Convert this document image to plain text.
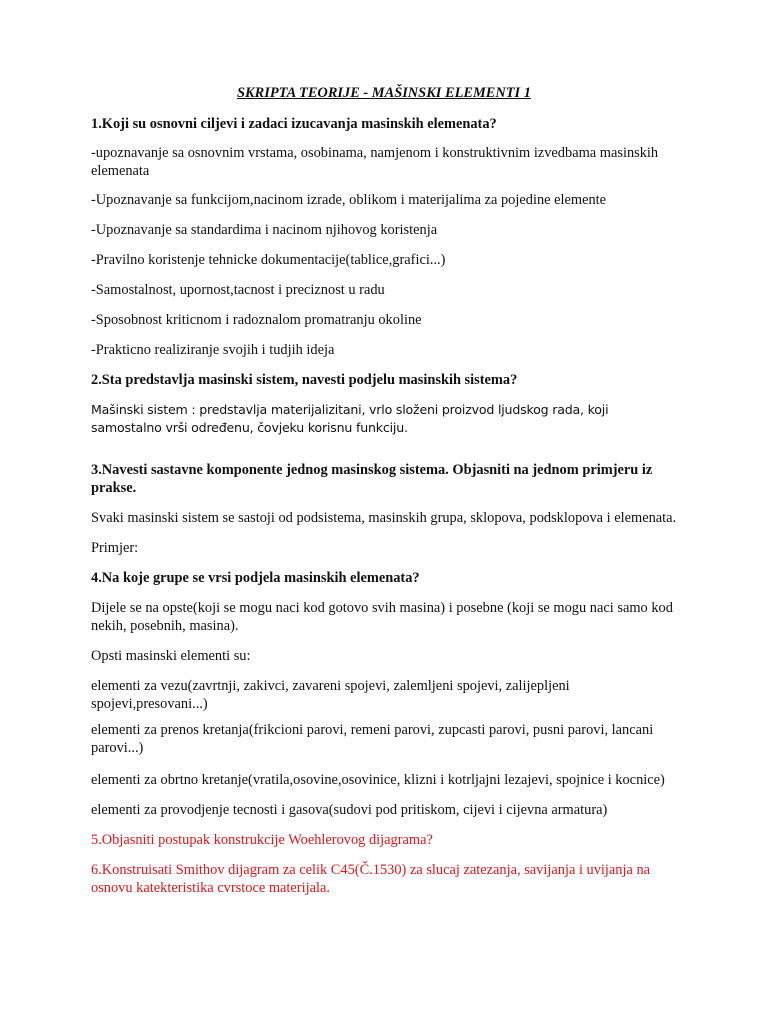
SKRIPTA TEORIJE - MAŠINSKI ELEMENTI 1
1.Koji su osnovni ciljevi i zadaci izucavanja masinskih elemenata?
-upoznavanje sa osnovnim vrstama, osobinama, namjenom i konstruktivnim izvedbama masinskih elemenata
-Upoznavanje sa funkcijom,nacinom izrade, oblikom i materijalima za pojedine elemente
-Upoznavanje sa standardima i nacinom njihovog koristenja
-Pravilno koristenje tehnicke dokumentacije(tablice,grafici...)
-Samostalnost, upornost,tacnost i preciznost u radu
-Sposobnost kriticnom i radoznalom promatranju okoline
-Prakticno realiziranje svojih i tudjih ideja
2.Sta predstavlja masinski sistem, navesti podjelu masinskih sistema?
Mašinski sistem : predstavlja materijalizitani, vrlo složeni proizvod ljudskog rada, koji samostalno vrši određenu, čovjeku korisnu funkciju.
3.Navesti sastavne komponente jednog masinskog sistema. Objasniti na jednom primjeru iz prakse.
Svaki masinski sistem se sastoji od podsistema, masinskih grupa, sklopova, podsklopova i elemenata.
Primjer:
4.Na koje grupe se vrsi podjela masinskih elemenata?
Dijele se na opste(koji se mogu naci kod gotovo svih masina) i posebne (koji se mogu naci samo kod nekih, posebnih, masina).
Opsti masinski elementi su:
elementi za vezu(zavrtnji, zakivci, zavareni spojevi, zalemljeni spojevi, zalijepljeni spojevi,presovani...)
elementi za prenos kretanja(frikcioni parovi, remeni parovi, zupcasti parovi, pusni parovi, lancani parovi...)
elementi za obrtno kretanje(vratila,osovine,osovinice, klizni i kotrljajni lezajevi, spojnice i kocnice)
elementi za provodjenje tecnosti i gasova(sudovi pod pritiskom, cijevi i cijevna armatura)
5.Objasniti postupak konstrukcije Woehlerovog dijagrama?
6.Konstruisati Smithov dijagram za celik C45(Č.1530) za slucaj zatezanja, savijanja i uvijanja na osnovu katekteristika cvrstoce materijala.
